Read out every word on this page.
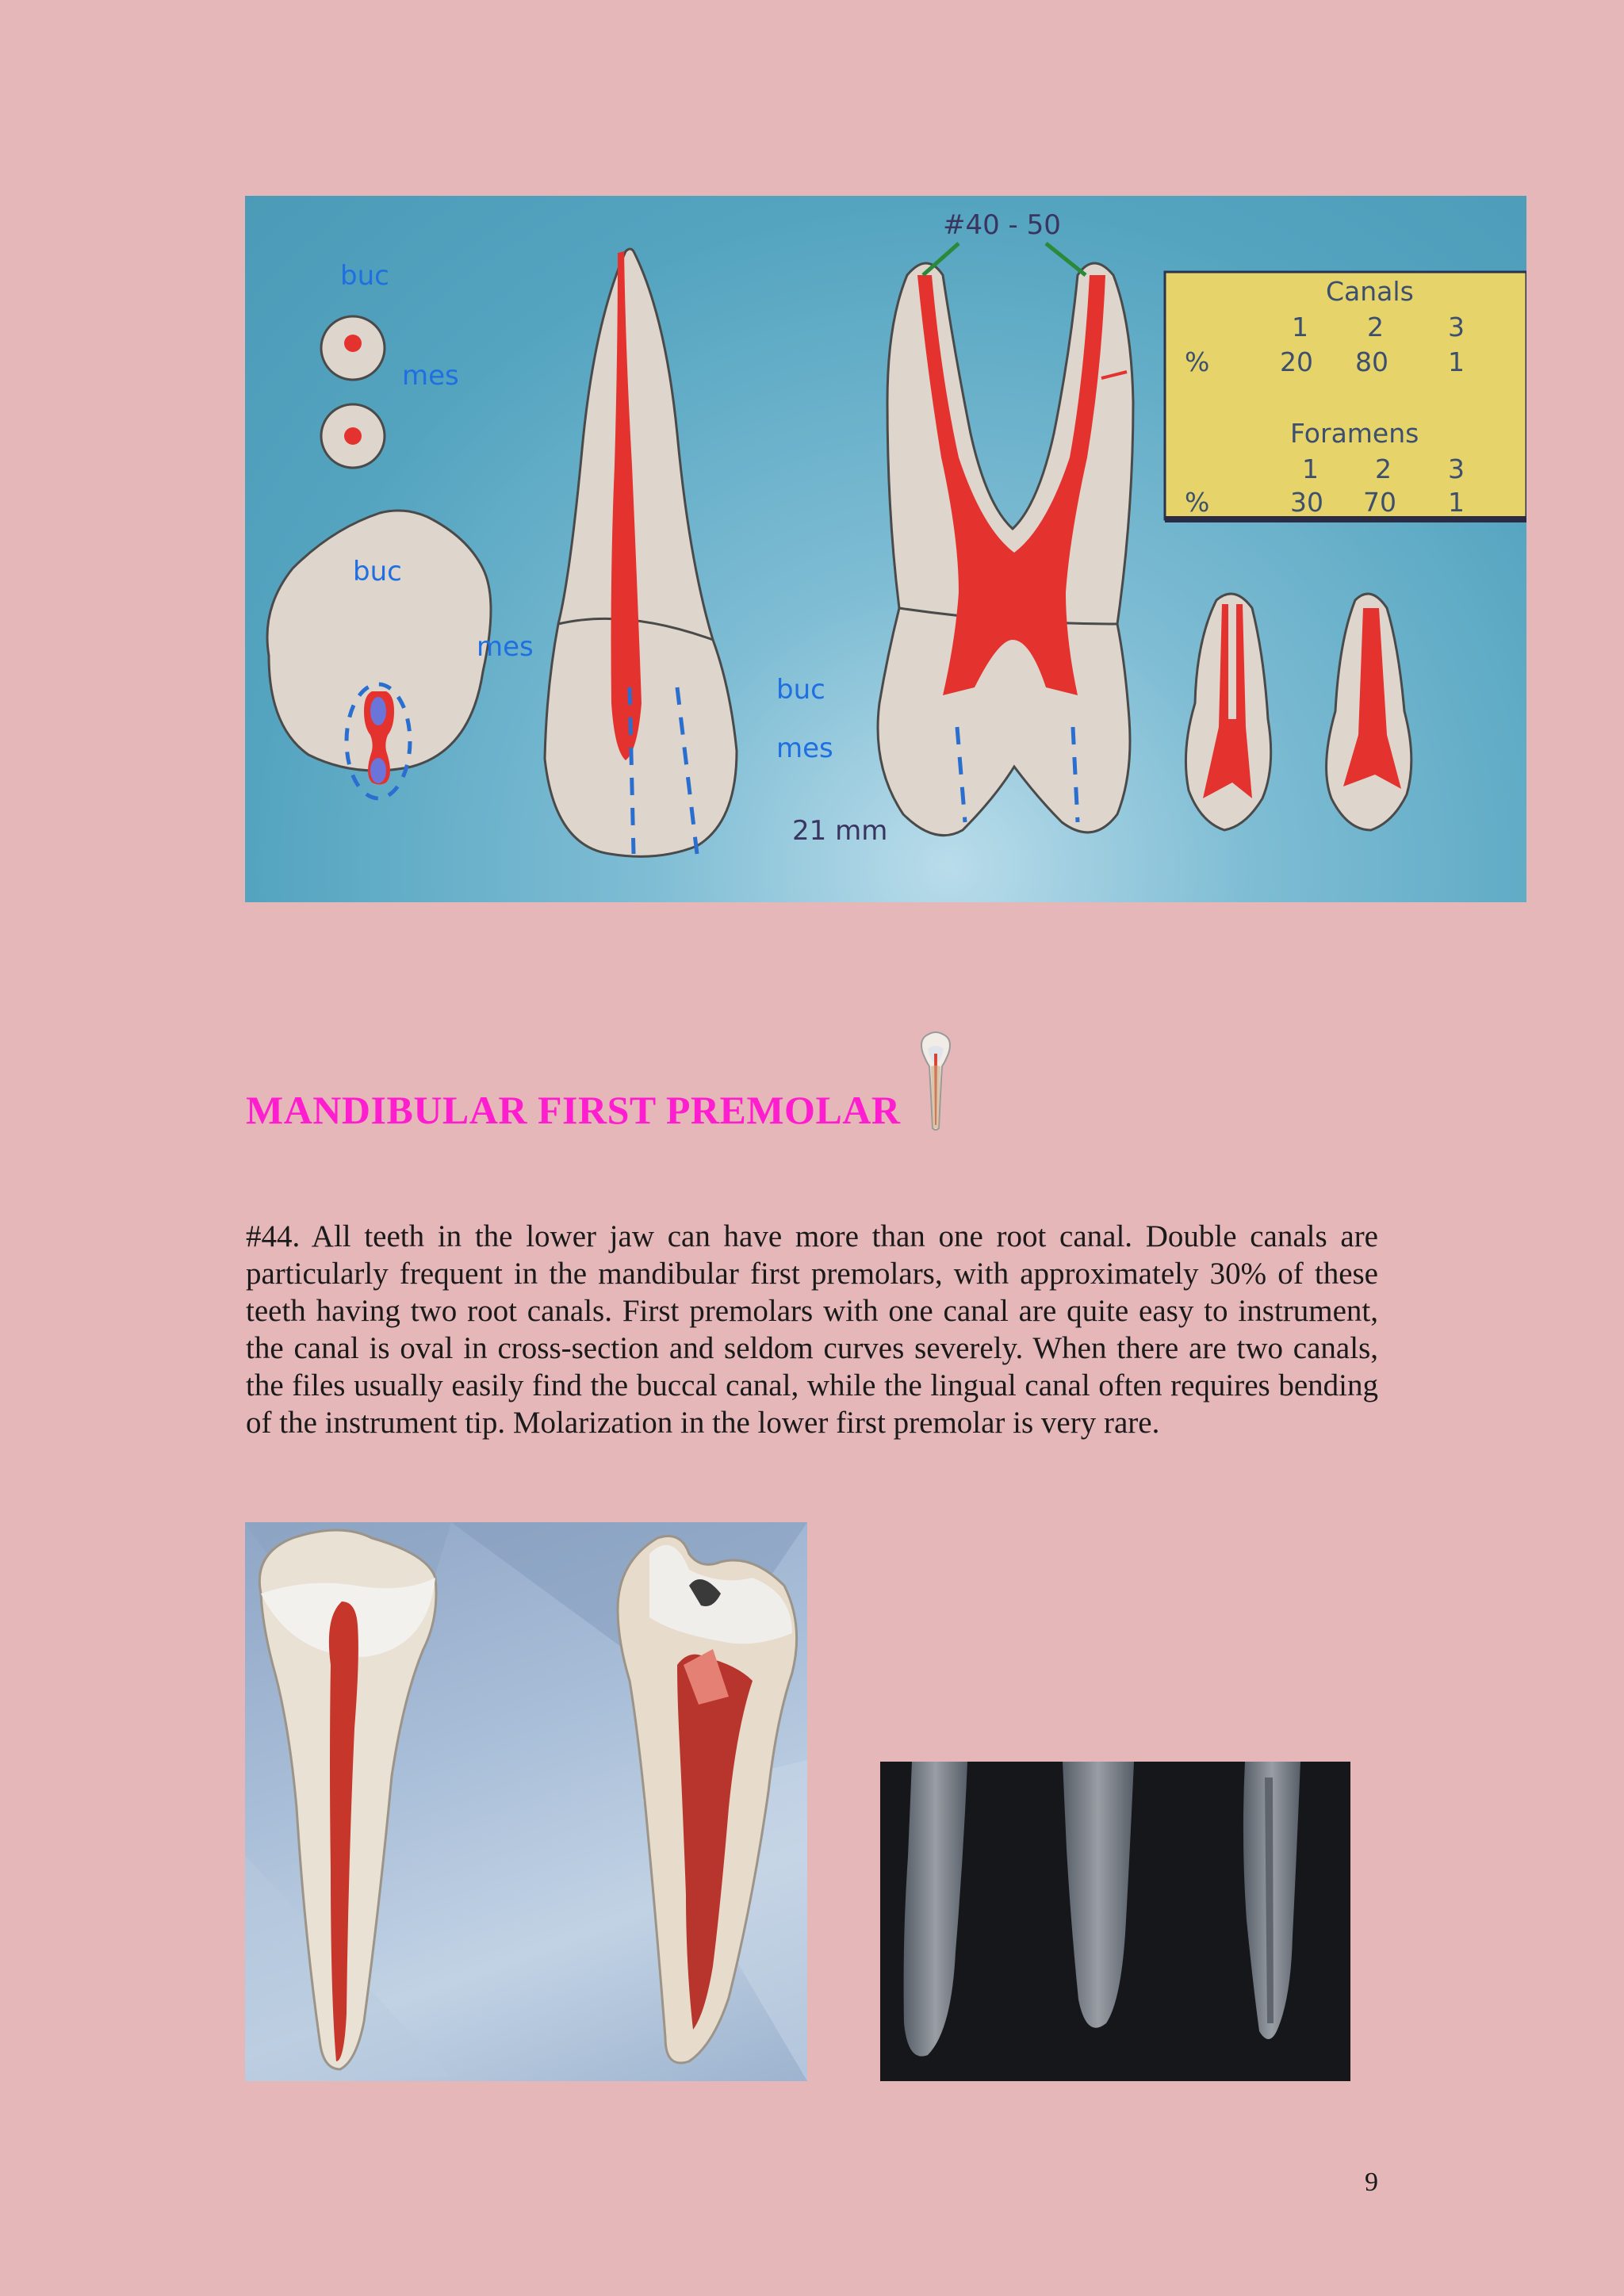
buc
mes
buc
mes
buc
mes
21 mm
#40 - 50
Canals
1 2 3
%	20 80 1
Foramens
1 2 3
%	30 70 1
MANDIBULAR FIRST PREMOLAR

#44. All teeth in the lower jaw can have more than one root canal. Double canals are particularly frequent in the mandibular first premolars, with approximately 30% of these teeth having two root canals. First premolars with one canal are quite easy to instrument, the canal is oval in cross-section and seldom curves severely. When there are two canals, the files usually easily find the buccal canal, while the lingual canal often requires bending of the instrument tip. Molarization in the lower first premolar is very rare.

9
